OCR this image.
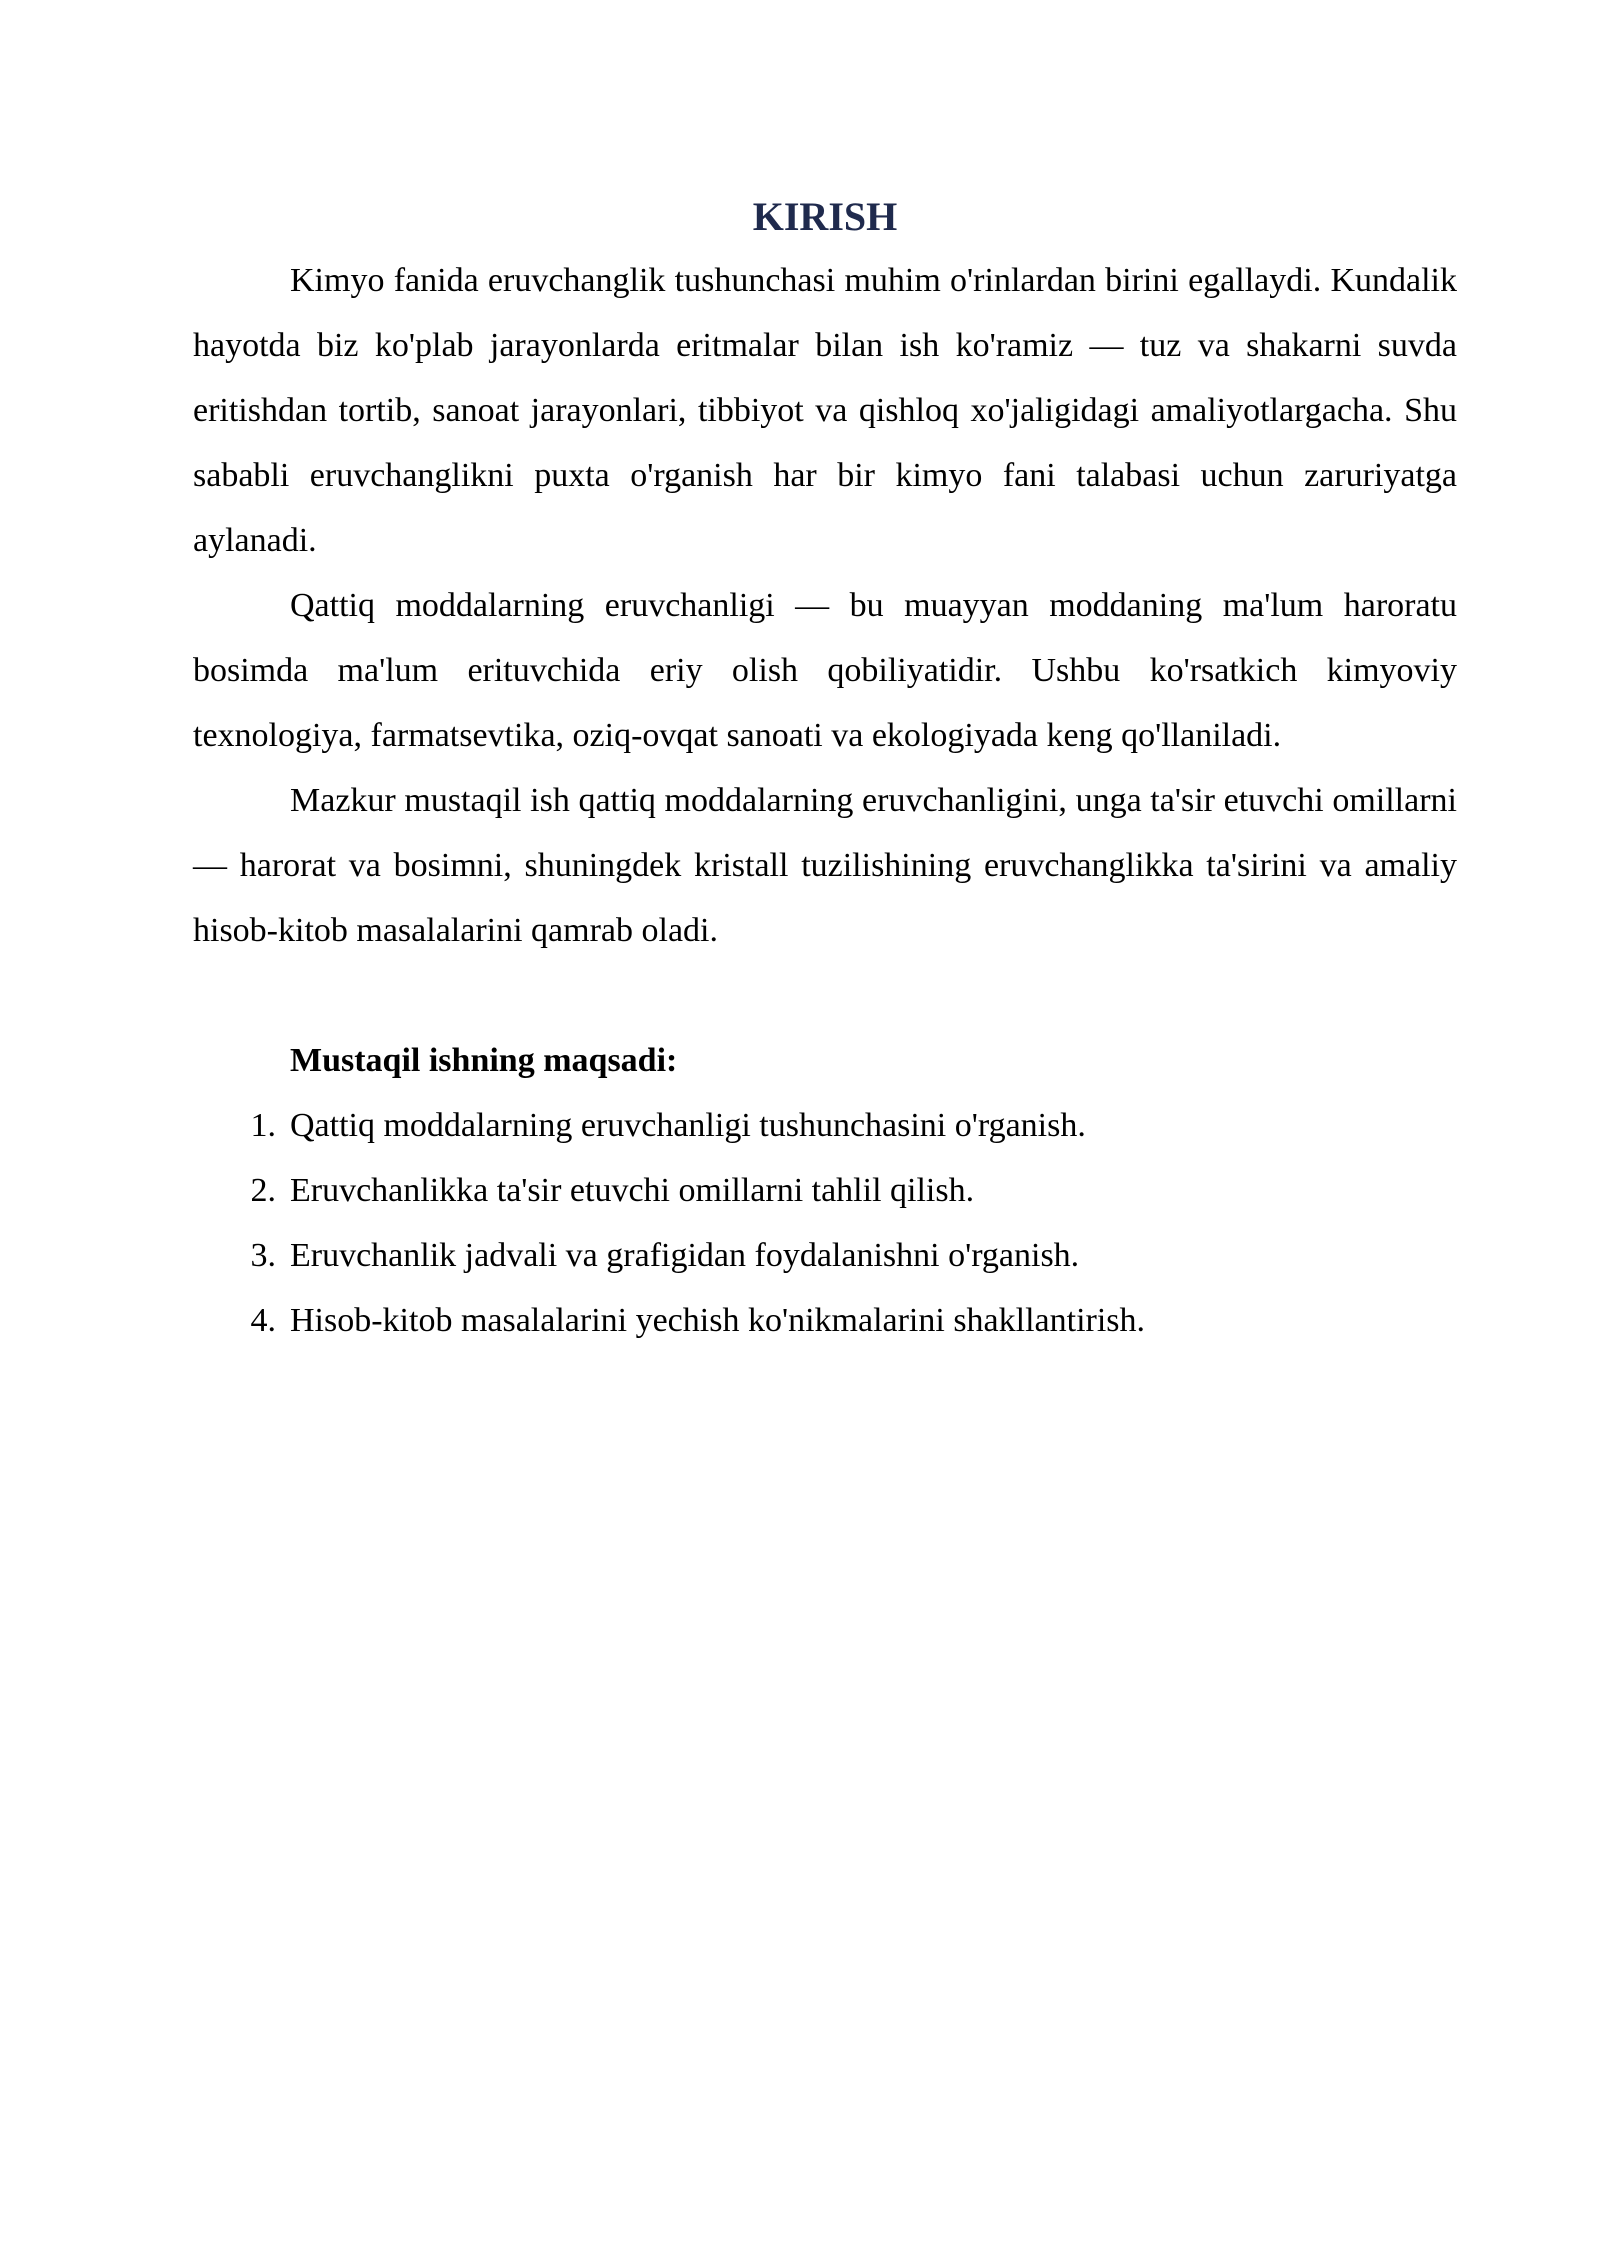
KIRISH

Kimyo fanida eruvchanglik tushunchasi muhim o'rinlardan birini egallaydi. Kundalik hayotda biz ko'plab jarayonlarda eritmalar bilan ish ko'ramiz — tuz va shakarni suvda eritishdan tortib, sanoat jarayonlari, tibbiyot va qishloq xo'jaligidagi amaliyotlargacha. Shu sababli eruvchanglikni puxta o'rganish har bir kimyo fani talabasi uchun zaruriyatga aylanadi.

Qattiq moddalarning eruvchanligi — bu muayyan moddaning ma'lum haroratu bosimda ma'lum erituvchida eriy olish qobiliyatidir. Ushbu ko'rsatkich kimyoviy texnologiya, farmatsevtika, oziq-ovqat sanoati va ekologiyada keng qo'llaniladi.

Mazkur mustaqil ish qattiq moddalarning eruvchanligini, unga ta'sir etuvchi omillarni — harorat va bosimni, shuningdek kristall tuzilishining eruvchanglikka ta'sirini va amaliy hisob-kitob masalalarini qamrab oladi.

Mustaqil ishning maqsadi:

1. Qattiq moddalarning eruvchanligi tushunchasini o'rganish.
2. Eruvchanlikka ta'sir etuvchi omillarni tahlil qilish.
3. Eruvchanlik jadvali va grafigidan foydalanishni o'rganish.
4. Hisob-kitob masalalarini yechish ko'nikmalarini shakllantirish.
